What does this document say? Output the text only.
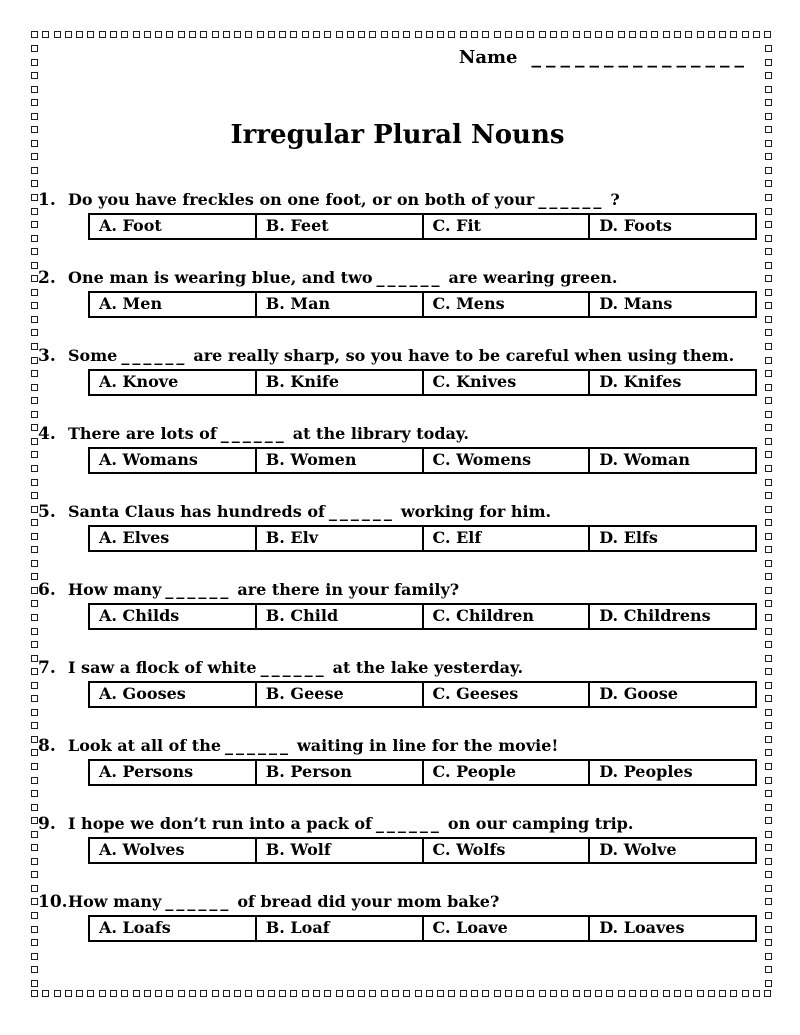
Name _______________
Irregular Plural Nouns
1. Do you have freckles on one foot, or on both of your ______ ?
A. Foot	B. Feet	C. Fit	D. Foots
2. One man is wearing blue, and two ______ are wearing green.
A. Men	B. Man	C. Mens	D. Mans
3. Some ______ are really sharp, so you have to be careful when using them.
A. Knove	B. Knife	C. Knives	D. Knifes
4. There are lots of ______ at the library today.
A. Womans	B. Women	C. Womens	D. Woman
5. Santa Claus has hundreds of ______ working for him.
A. Elves	B. Elv	C. Elf	D. Elfs
6. How many ______ are there in your family?
A. Childs	B. Child	C. Children	D. Childrens
7. I saw a flock of white ______ at the lake yesterday.
A. Gooses	B. Geese	C. Geeses	D. Goose
8. Look at all of the ______ waiting in line for the movie!
A. Persons	B. Person	C. People	D. Peoples
9. I hope we don’t run into a pack of ______ on our camping trip.
A. Wolves	B. Wolf	C. Wolfs	D. Wolve
10. How many ______ of bread did your mom bake?
A. Loafs	B. Loaf	C. Loave	D. Loaves
